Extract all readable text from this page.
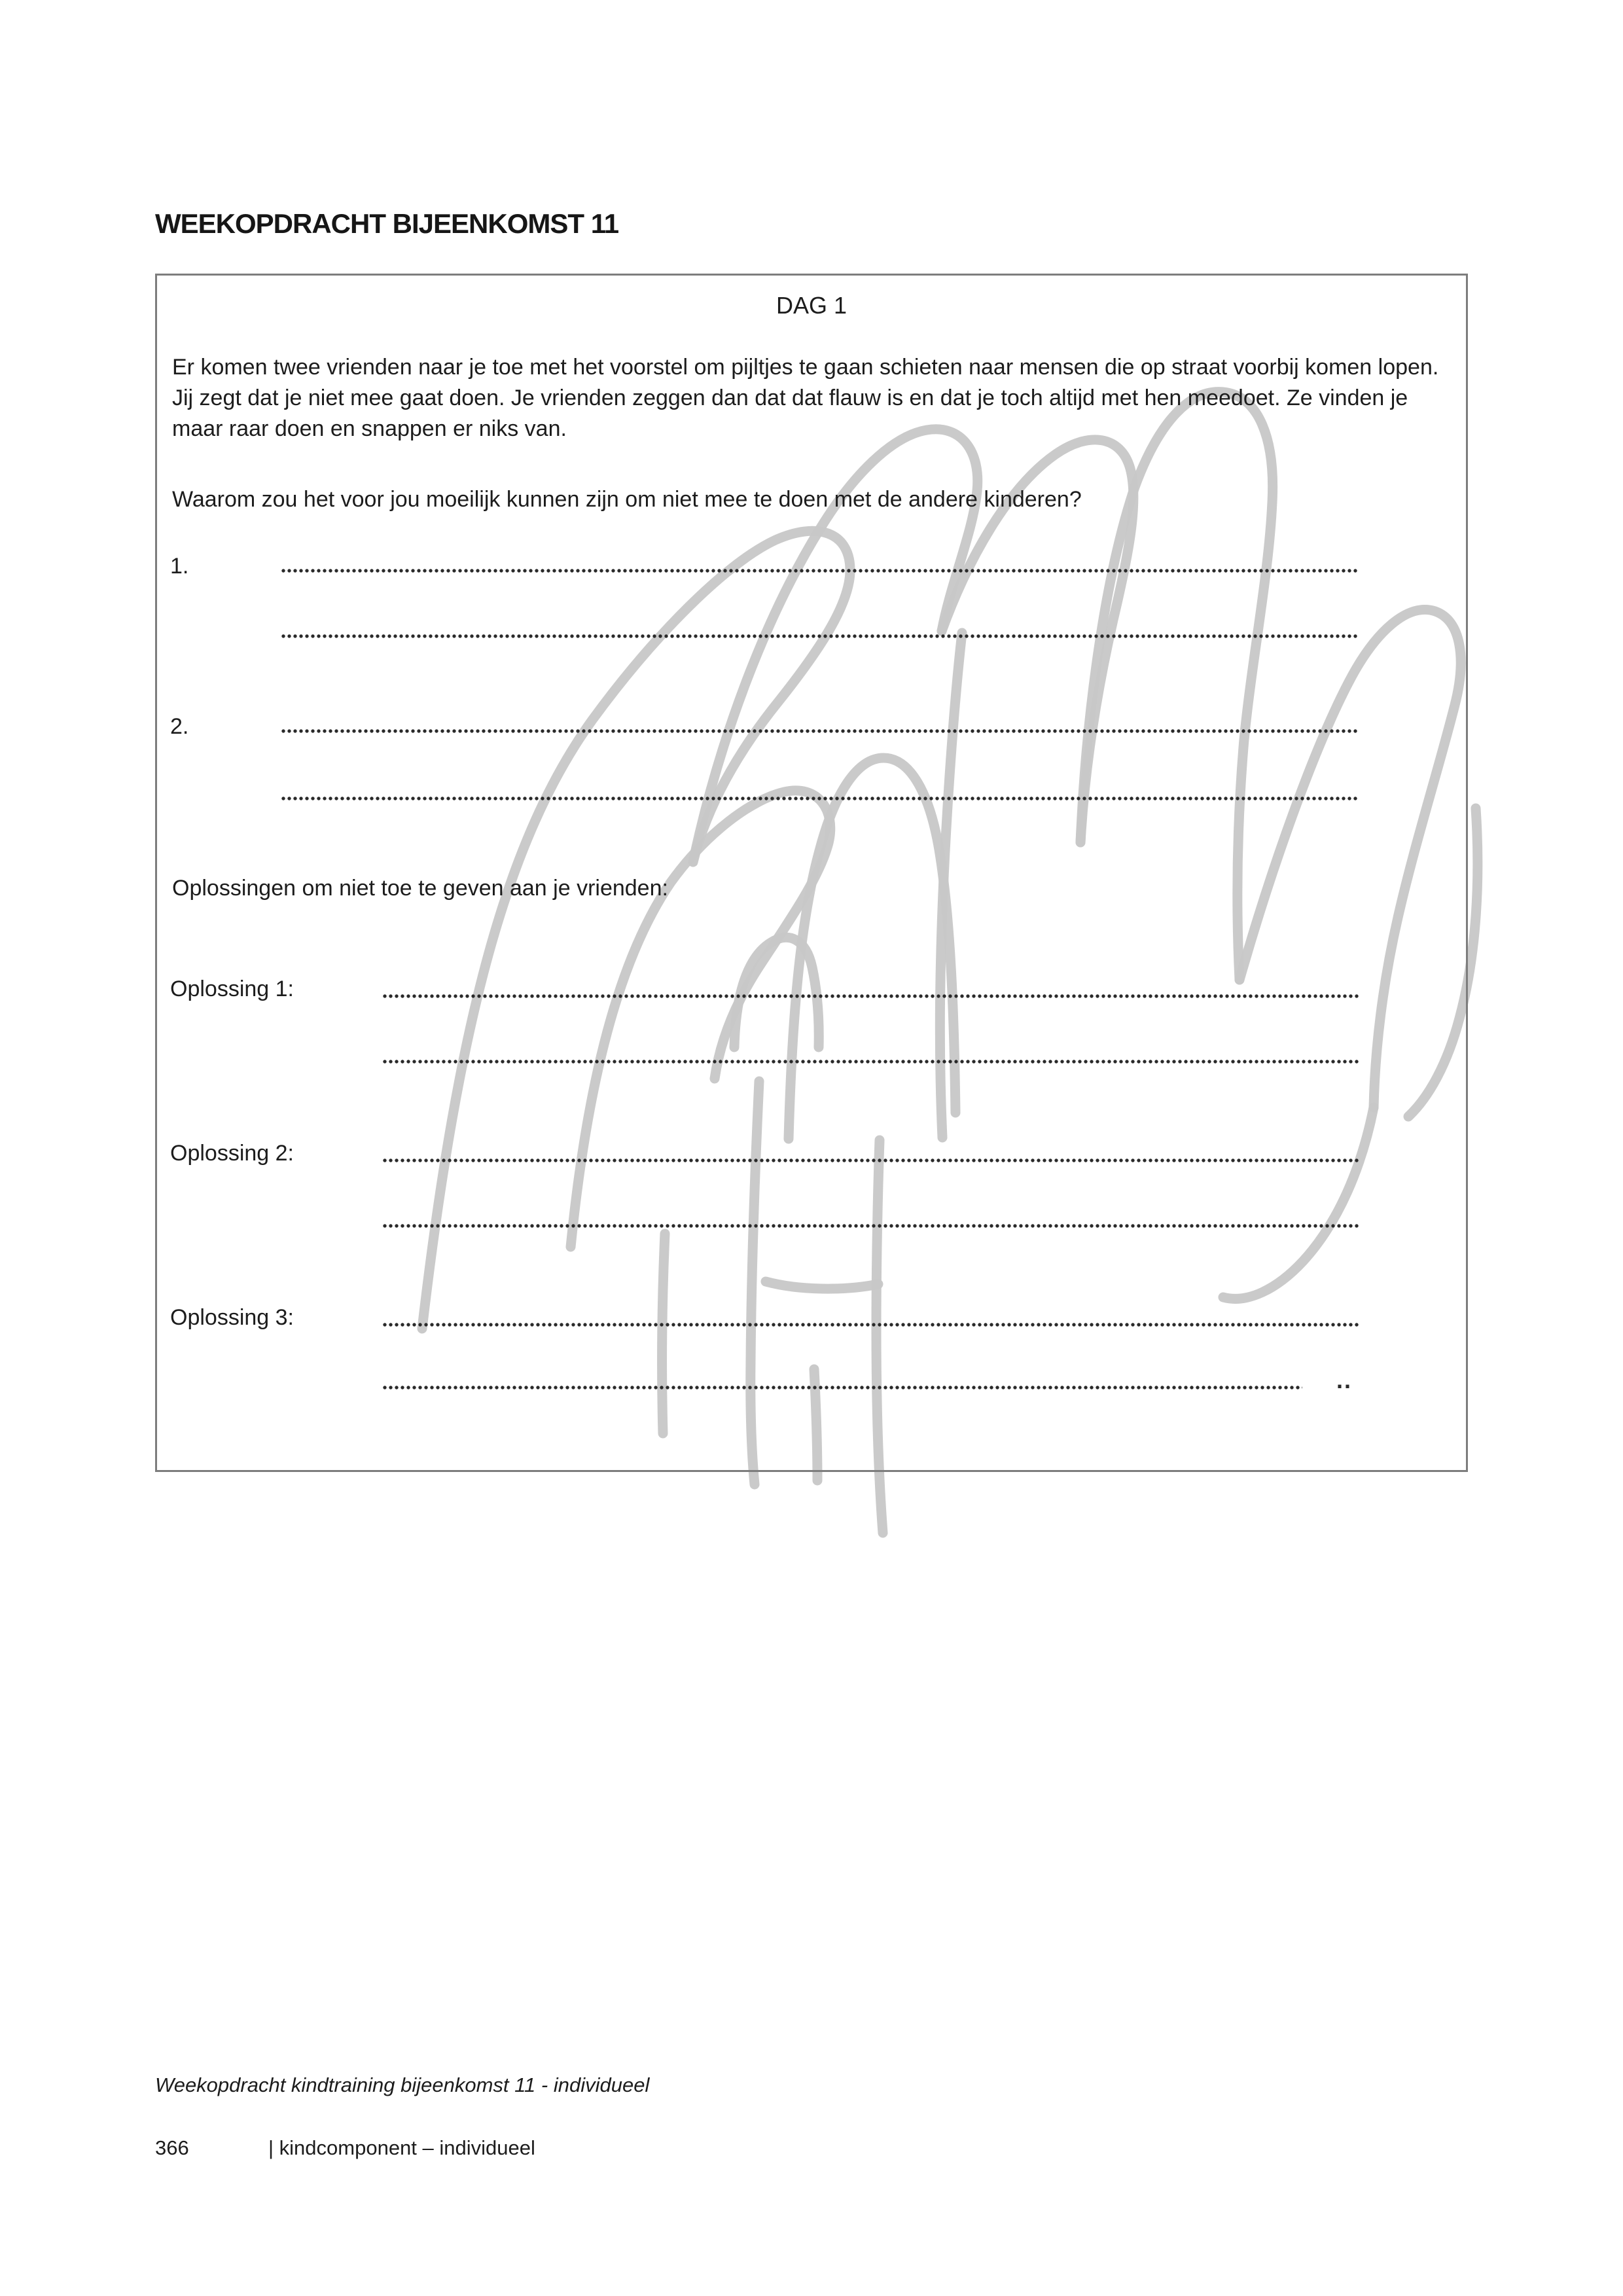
WEEKOPDRACHT BIJEENKOMST 11
DAG 1
Er komen twee vrienden naar je toe met het voorstel om pijltjes te gaan schieten naar mensen die op straat voorbij komen lopen. Jij zegt dat je niet mee gaat doen. Je vrienden zeggen dan dat dat flauw is en dat je toch altijd met hen meedoet. Ze vinden je maar raar doen en snappen er niks van.
Waarom zou het voor jou moeilijk kunnen zijn om niet mee te doen met de andere kinderen?
1.
2.
Oplossingen om niet toe te geven aan je vrienden:
Oplossing 1:
Oplossing 2:
Oplossing 3:
..
Weekopdracht kindtraining bijeenkomst 11 - individueel
366	| kindcomponent – individueel
